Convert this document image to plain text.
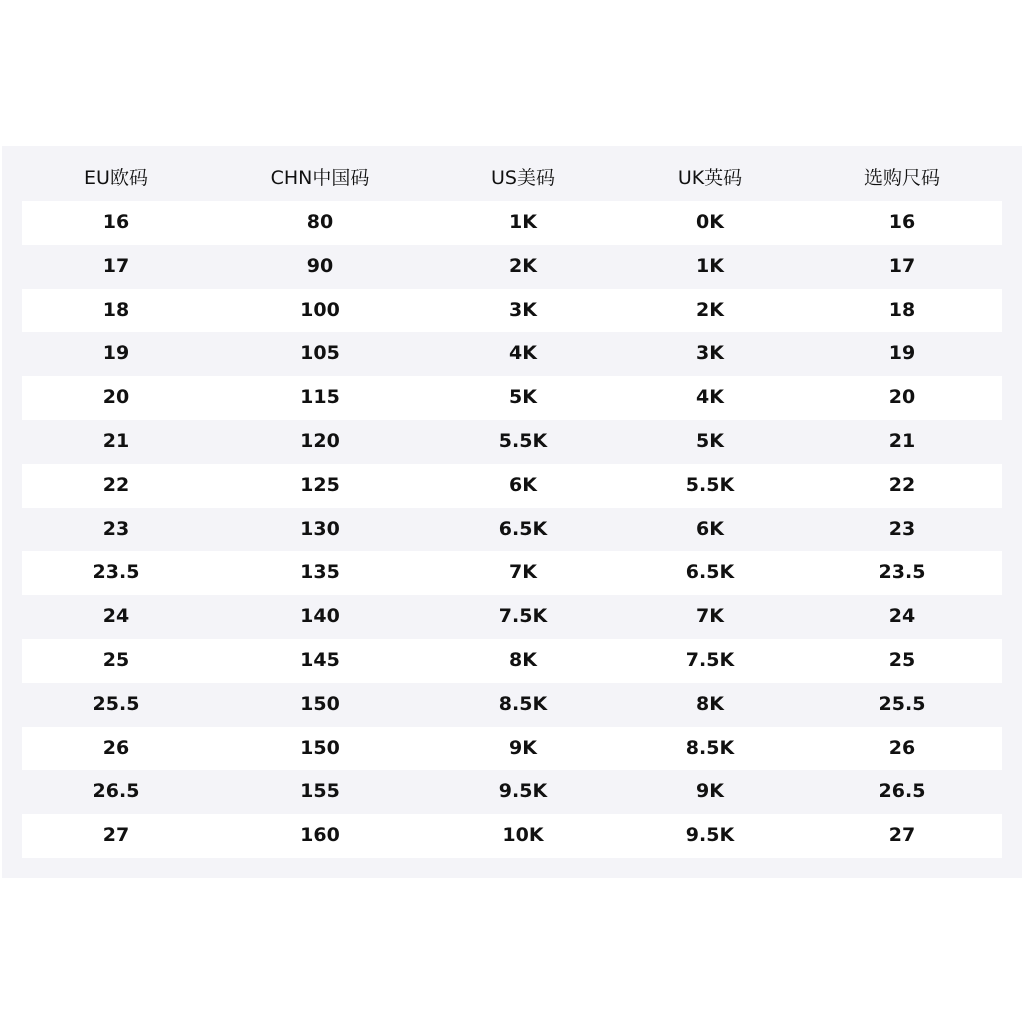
EU欧码	CHN中国码	US美码	UK英码	选购尺码
16	80	1K	0K	16
17	90	2K	1K	17
18	100	3K	2K	18
19	105	4K	3K	19
20	115	5K	4K	20
21	120	5.5K	5K	21
22	125	6K	5.5K	22
23	130	6.5K	6K	23
23.5	135	7K	6.5K	23.5
24	140	7.5K	7K	24
25	145	8K	7.5K	25
25.5	150	8.5K	8K	25.5
26	150	9K	8.5K	26
26.5	155	9.5K	9K	26.5
27	160	10K	9.5K	27
